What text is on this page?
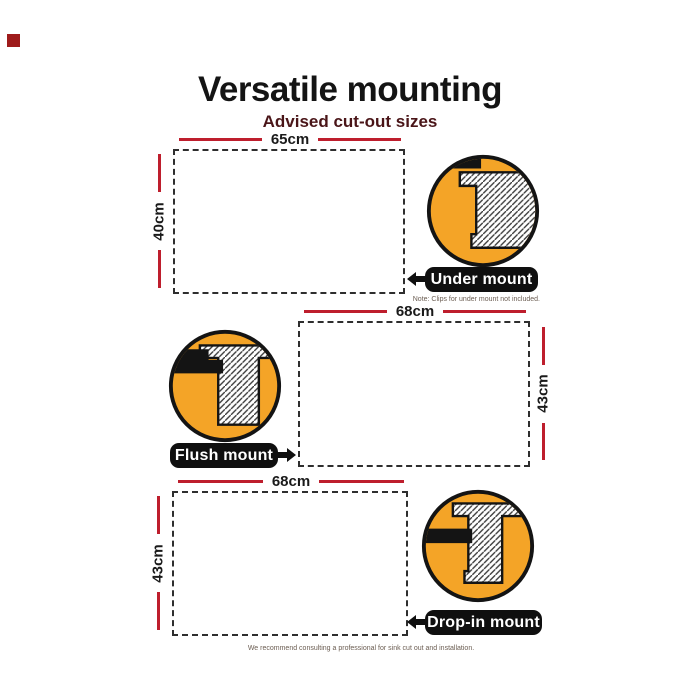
Versatile mounting
Advised cut-out sizes
65cm
40cm
Under mount
Note: Clips for under mount not included.
68cm
43cm
Flush mount
68cm
43cm
Drop-in mount
We recommend consulting a professional for sink cut out and installation.
